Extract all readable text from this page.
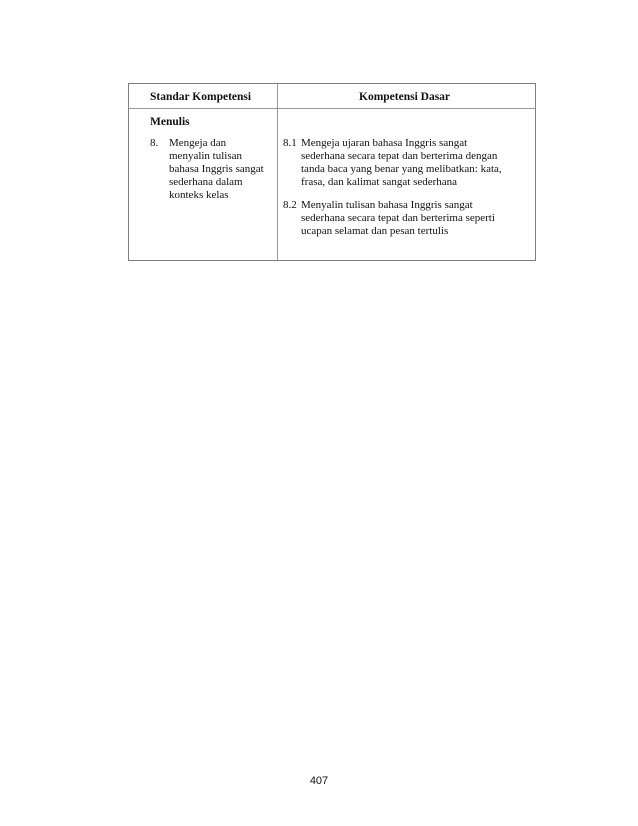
Standar Kompetensi	Kompetensi Dasar
Menulis
8. Mengeja dan
menyalin tulisan
bahasa Inggris sangat
sederhana dalam
konteks kelas
8.1 Mengeja ujaran bahasa Inggris sangat
sederhana secara tepat dan berterima dengan
tanda baca yang benar yang melibatkan: kata,
frasa, dan kalimat sangat sederhana
8.2 Menyalin tulisan bahasa Inggris sangat
sederhana secara tepat dan berterima seperti
ucapan selamat dan pesan tertulis
407
